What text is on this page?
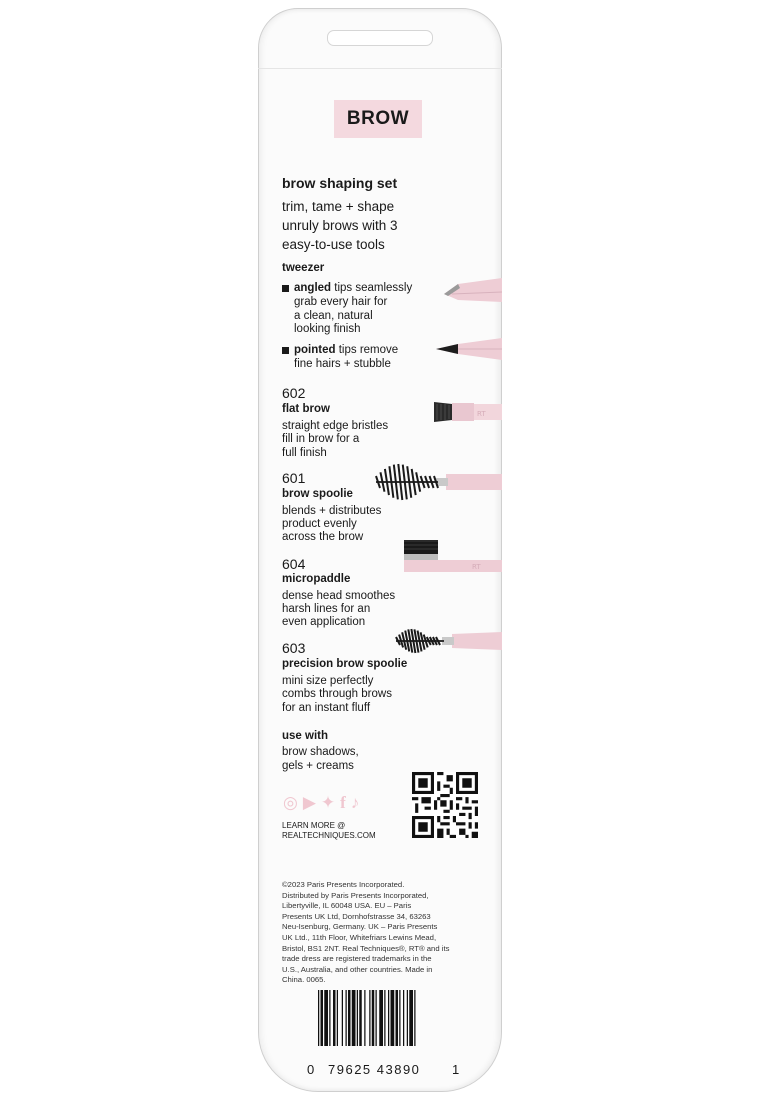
BROW
brow shaping set
trim, tame + shape
unruly brows with 3
easy-to-use tools
tweezer
angled tips seamlessly
grab every hair for
a clean, natural
looking finish
pointed tips remove
fine hairs + stubble
602
flat brow
straight edge bristles
fill in brow for a
full finish
601
brow spoolie
blends + distributes
product evenly
across the brow
604
micropaddle
dense head smoothes
harsh lines for an
even application
603
precision brow spoolie
mini size perfectly
combs through brows
for an instant fluff
use with
brow shadows,
gels + creams
◎ ▶ ✦ f ♪
LEARN MORE @
REALTECHNIQUES.COM
©2023 Paris Presents Incorporated.
Distributed by Paris Presents Incorporated,
Libertyville, IL 60048 USA. EU – Paris
Presents UK Ltd, Dornhofstrasse 34, 63263
Neu-Isenburg, Germany. UK – Paris Presents
UK Ltd., 11th Floor, Whitefriars Lewins Mead,
Bristol, BS1 2NT. Real Techniques®, RT® and its
trade dress are registered trademarks in the
U.S., Australia, and other countries. Made in
China. 0065.
0 79625 43890 1
RT
RT
